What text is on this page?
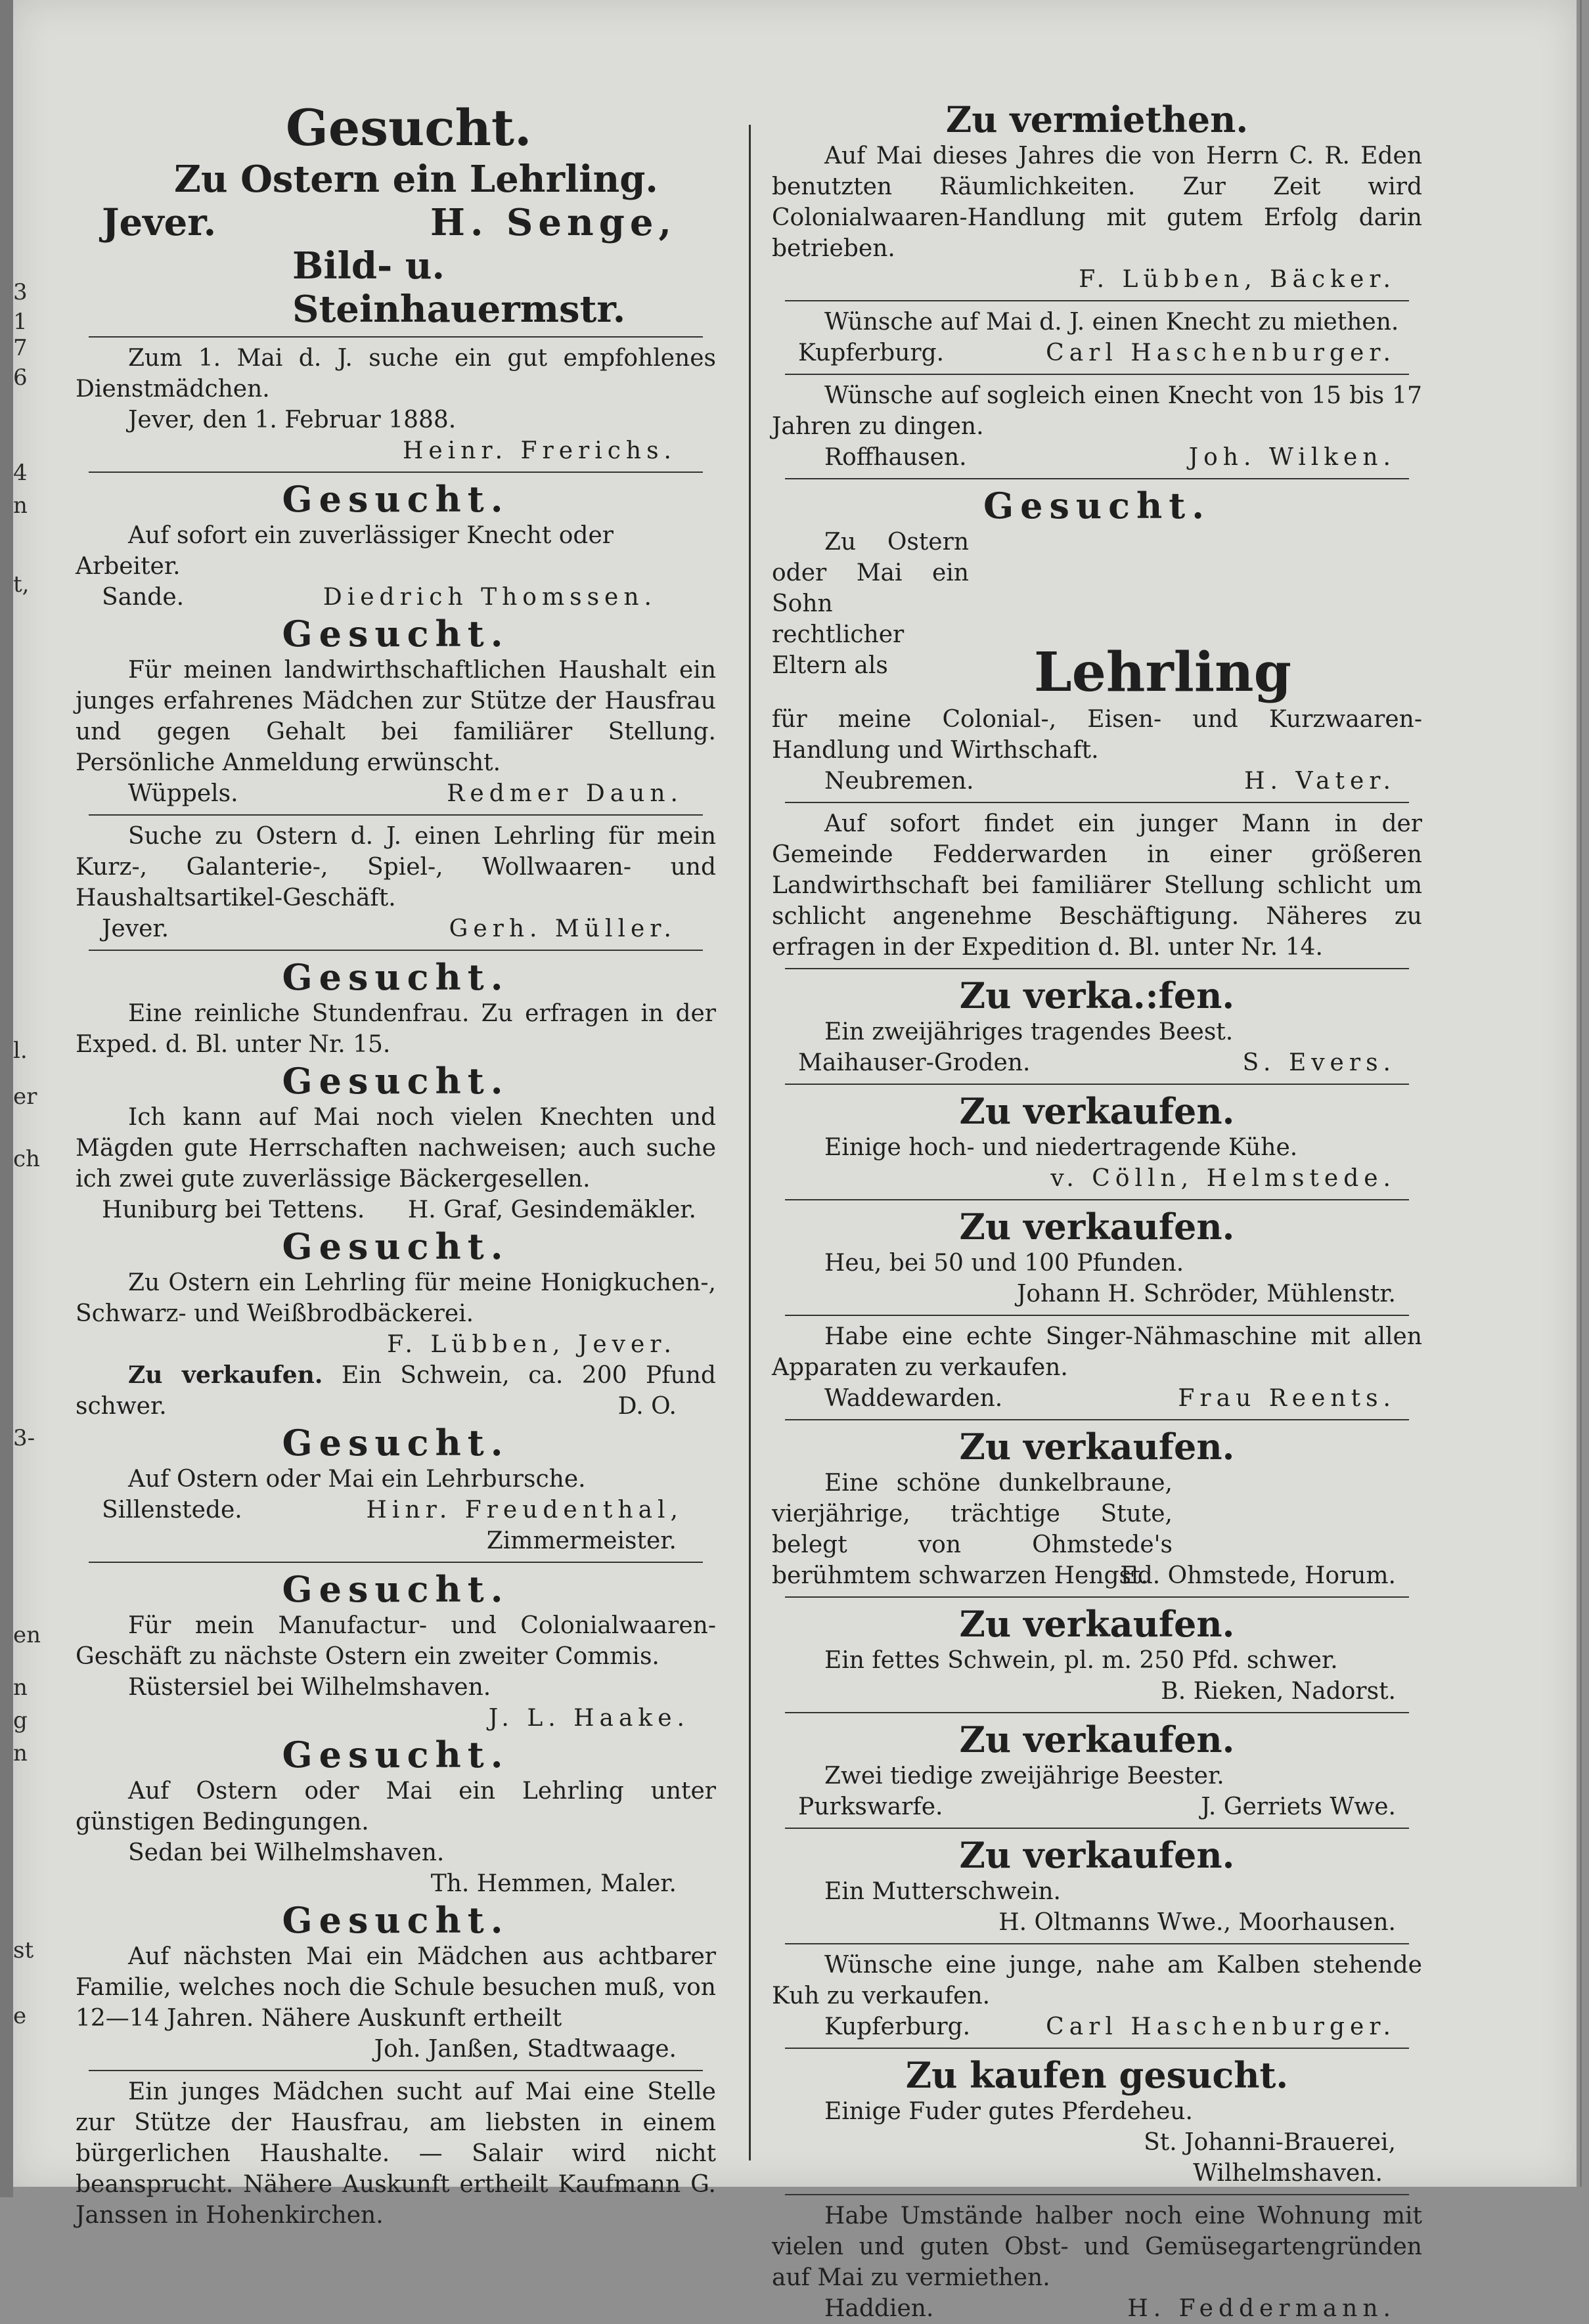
3
1
7
6
4
n
t,
l.
er
ch
3-
en
n
g
n
st
e

Gesucht.

Zu Ostern ein Lehrling.

Jever.	H. Senge,

Bild- u. Steinhauermstr.

Zum 1. Mai d. J. suche ein gut empfohlenes Dienstmädchen.

Jever, den 1. Februar 1888.

Heinr. Frerichs.

Gesucht.

Auf sofort ein zuverlässiger Knecht oder Arbeiter.

Sande.	Diedrich Thomssen.

Gesucht.

Für meinen landwirthschaftlichen Haushalt ein junges erfahrenes Mädchen zur Stütze der Hausfrau und gegen Gehalt bei familiärer Stellung. Persönliche Anmeldung erwünscht.

Wüppels.	Redmer Daun.

Suche zu Ostern d. J. einen Lehrling für mein Kurz-, Galanterie-, Spiel-, Wollwaaren- und Haushaltsartikel-Geschäft.

Jever.	Gerh. Müller.

Gesucht.

Eine reinliche Stundenfrau. Zu erfragen in der Exped. d. Bl. unter Nr. 15.

Gesucht.

Ich kann auf Mai noch vielen Knechten und Mägden gute Herrschaften nachweisen; auch suche ich zwei gute zuverlässige Bäckergesellen.

Huniburg bei Tettens. H. Graf, Gesindemäkler.

Gesucht.

Zu Ostern ein Lehrling für meine Honigkuchen-, Schwarz- und Weißbrodbäckerei.

F. Lübben, Jever.

Zu verkaufen. Ein Schwein, ca. 200 Pfund schwer.	D. O.

Gesucht.

Auf Ostern oder Mai ein Lehrburschе.

Sillenstede.	Hinr. Freudenthal,

Zimmermeister.

Gesucht.

Für mein Manufactur- und Colonialwaaren-Geschäft zu nächste Ostern ein zweiter Commis.

Rüstersiel bei Wilhelmshaven.

J. L. Haake.

Gesucht.

Auf Ostern oder Mai ein Lehrling unter günstigen Bedingungen.

Sedan bei Wilhelmshaven.

Th. Hemmen, Maler.

Gesucht.

Auf nächsten Mai ein Mädchen aus achtbarer Familie, welches noch die Schule besuchen muß, von 12—14 Jahren. Nähere Auskunft ertheilt

Joh. Janßen, Stadtwaage.

Ein junges Mädchen sucht auf Mai eine Stelle zur Stütze der Hausfrau, am liebsten in einem bürgerlichen Haushalte. — Salair wird nicht beansprucht. Nähere Auskunft ertheilt Kaufmann G. Janssen in Hohenkirchen.

Zu vermiethen.

Auf Mai dieses Jahres die von Herrn C. R. Eden benutzten Räumlichkeiten. Zur Zeit wird Colonialwaaren-Handlung mit gutem Erfolg darin betrieben.

F. Lübben, Bäcker.

Wünsche auf Mai d. J. einen Knecht zu miethen.

Kupferburg.	Carl Haschenburger.

Wünsche auf sogleich einen Knecht von 15 bis 17 Jahren zu dingen.

Roffhausen.	Joh. Wilken.

Gesucht.

Zu Ostern oder Mai ein Sohn rechtlicher Eltern als	Lehrling

für meine Colonial-, Eisen- und Kurzwaaren-Handlung und Wirthschaft.

Neubremen.	H. Vater.

Auf sofort findet ein junger Mann in der Gemeinde Fedderwarden in einer größeren Landwirthschaft bei familiärer Stellung schlicht um schlicht angenehme Beschäftigung. Näheres zu erfragen in der Expedition d. Bl. unter Nr. 14.

Zu verka.:fen.

Ein zweijähriges tragendes Beest.

Maihauser-Groden.	S. Evers.

Zu verkaufen.

Einige hoch- und niedertragende Kühe.

v. Cölln, Helmstede.

Zu verkaufen.

Heu, bei 50 und 100 Pfunden.

Johann H. Schröder, Mühlenstr.

Habe eine echte Singer-Nähmaschine mit allen Apparaten zu verkaufen.

Waddewarden.	Frau Reents.

Zu verkaufen.

Eine schöne dunkelbraune, vierjährige, trächtige Stute, belegt von Ohmstede's berühmtem schwarzen Hengst.

Ed. Ohmstede, Horum.

Zu verkaufen.

Ein fettes Schwein, pl. m. 250 Pfd. schwer.

B. Rieken, Nadorst.

Zu verkaufen.

Zwei tiedige zweijährige Beester.

Purkswarfe.	J. Gerriets Wwe.

Zu verkaufen.

Ein Mutterschwein.

H. Oltmanns Wwe., Moorhausen.

Wünsche eine junge, nahe am Kalben stehende Kuh zu verkaufen.

Kupferburg.	Carl Haschenburger.

Zu kaufen gesucht.

Einige Fuder gutes Pferdeheu.

St. Johanni-Brauerei,

Wilhelmshaven.

Habe Umstände halber noch eine Wohnung mit vielen und guten Obst- und Gemüsegartengründen auf Mai zu vermiethen.

Haddien.	H. Feddermann.
